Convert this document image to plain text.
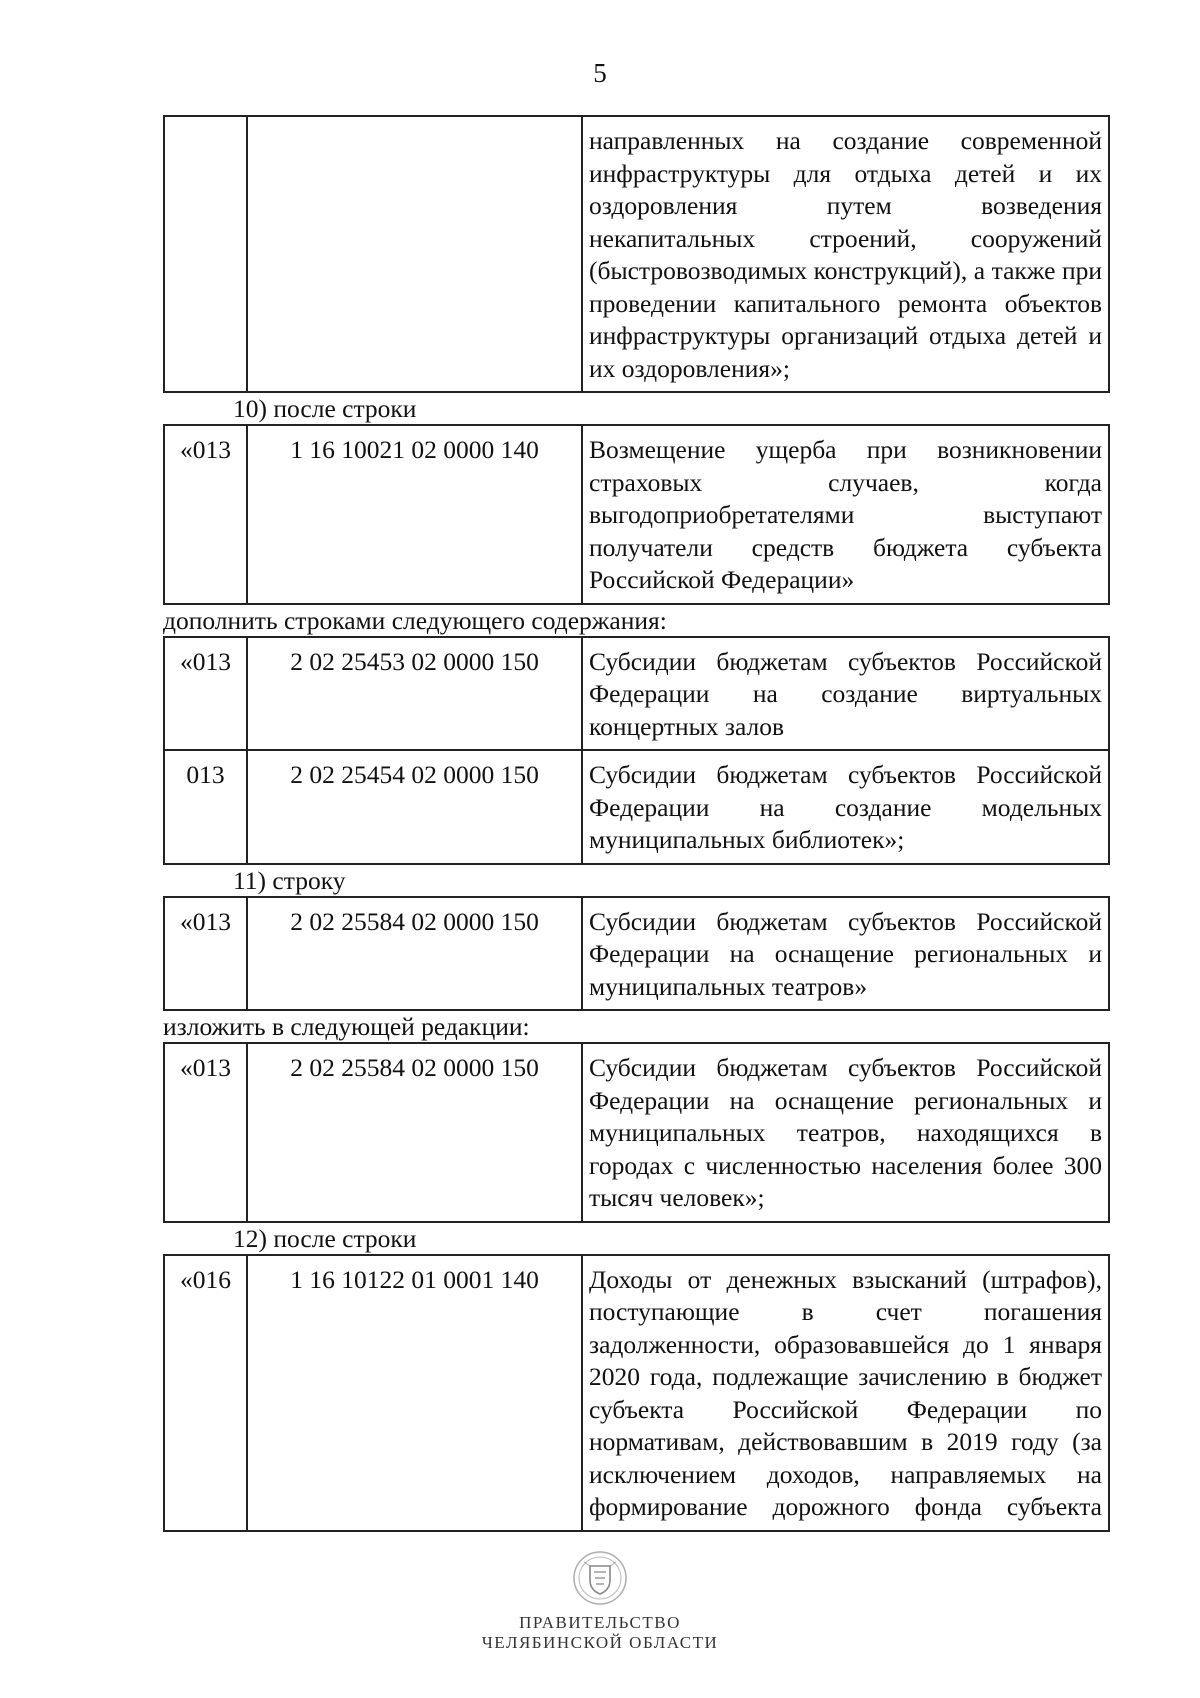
5
		направленных на создание современной инфраструктуры для отдыха детей и их оздоровления путем возведения некапитальных строений, сооружений (быстровозводимых конструкций), а также при проведении капитального ремонта объектов инфраструктуры организаций отдыха детей и их оздоровления»;
10) после строки
«013	1 16 10021 02 0000 140	Возмещение ущерба при возникновении страховых случаев, когда выгодоприобретателями выступают получатели средств бюджета субъекта Российской Федерации»
дополнить строками следующего содержания:
«013	2 02 25453 02 0000 150	Субсидии бюджетам субъектов Российской Федерации на создание виртуальных концертных залов
013	2 02 25454 02 0000 150	Субсидии бюджетам субъектов Российской Федерации на создание модельных муниципальных библиотек»;
11) строку
«013	2 02 25584 02 0000 150	Субсидии бюджетам субъектов Российской Федерации на оснащение региональных и муниципальных театров»
изложить в следующей редакции:
«013	2 02 25584 02 0000 150	Субсидии бюджетам субъектов Российской Федерации на оснащение региональных и муниципальных театров, находящихся в городах с численностью населения более 300 тысяч человек»;
12) после строки
«016	1 16 10122 01 0001 140	Доходы от денежных взысканий (штрафов), поступающие в счет погашения задолженности, образовавшейся до 1 января 2020 года, подлежащие зачислению в бюджет субъекта Российской Федерации по нормативам, действовавшим в 2019 году (за исключением доходов, направляемых на формирование дорожного фонда субъекта
ПРАВИТЕЛЬСТВО
ЧЕЛЯБИНСКОЙ ОБЛАСТИ
